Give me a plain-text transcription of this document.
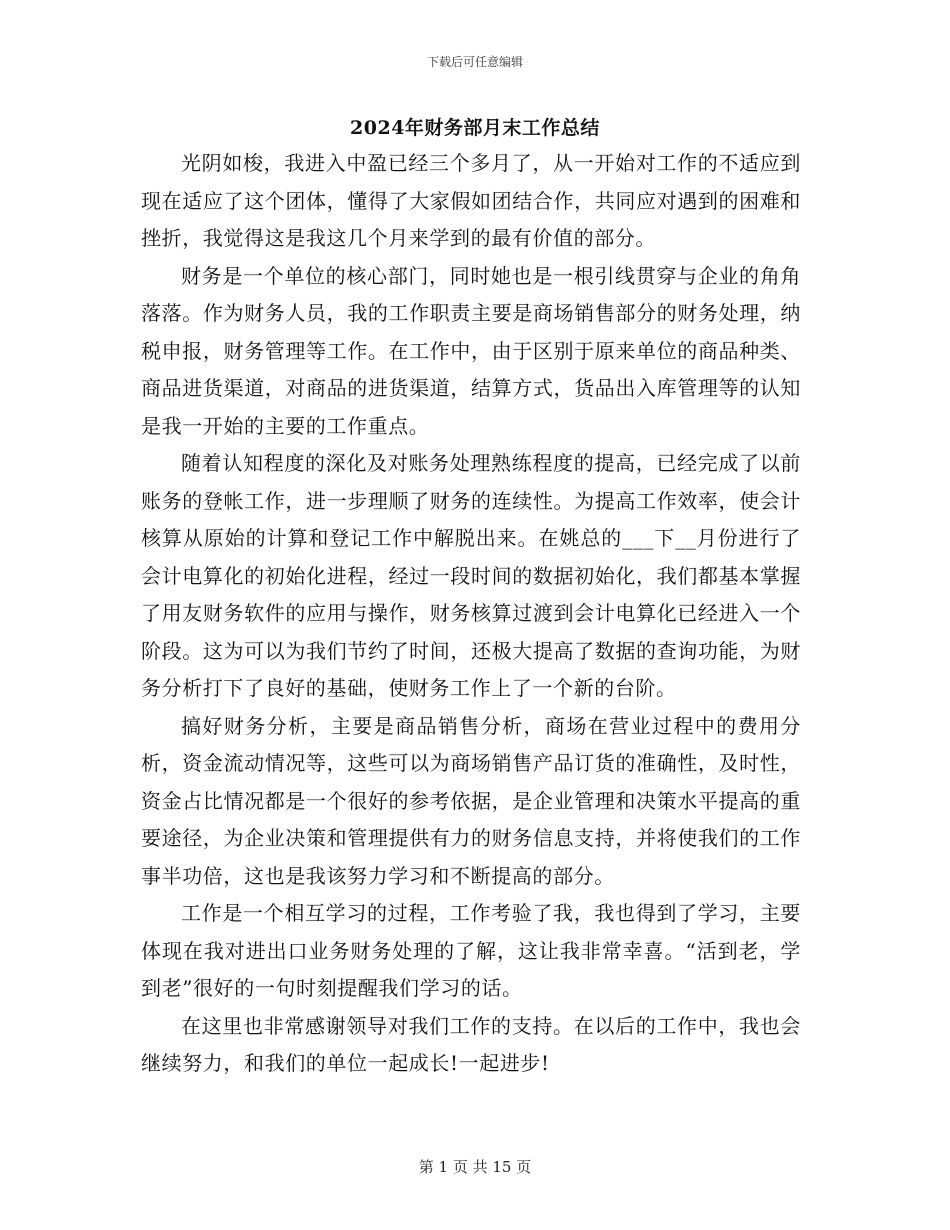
下载后可任意编辑
2024年财务部月末工作总结

光阴如梭，我进入中盈已经三个多月了，从一开始对工作的不适应到现在适应了这个团体，懂得了大家假如团结合作，共同应对遇到的困难和挫折，我觉得这是我这几个月来学到的最有价值的部分。

财务是一个单位的核心部门，同时她也是一根引线贯穿与企业的角角落落。作为财务人员，我的工作职责主要是商场销售部分的财务处理，纳税申报，财务管理等工作。在工作中，由于区别于原来单位的商品种类、商品进货渠道，对商品的进货渠道，结算方式，货品出入库管理等的认知是我一开始的主要的工作重点。

随着认知程度的深化及对账务处理熟练程度的提高，已经完成了以前账务的登帐工作，进一步理顺了财务的连续性。为提高工作效率，使会计核算从原始的计算和登记工作中解脱出来。在姚总的___下__月份进行了会计电算化的初始化进程，经过一段时间的数据初始化，我们都基本掌握了用友财务软件的应用与操作，财务核算过渡到会计电算化已经进入一个阶段。这为可以为我们节约了时间，还极大提高了数据的查询功能，为财务分析打下了良好的基础，使财务工作上了一个新的台阶。

搞好财务分析，主要是商品销售分析，商场在营业过程中的费用分析，资金流动情况等，这些可以为商场销售产品订货的准确性，及时性，资金占比情况都是一个很好的参考依据，是企业管理和决策水平提高的重要途径，为企业决策和管理提供有力的财务信息支持，并将使我们的工作事半功倍，这也是我该努力学习和不断提高的部分。

工作是一个相互学习的过程，工作考验了我，我也得到了学习，主要体现在我对进出口业务财务处理的了解，这让我非常幸喜。“活到老，学到老”很好的一句时刻提醒我们学习的话。

在这里也非常感谢领导对我们工作的支持。在以后的工作中，我也会继续努力，和我们的单位一起成长!一起进步!

第 1 页 共 15 页
